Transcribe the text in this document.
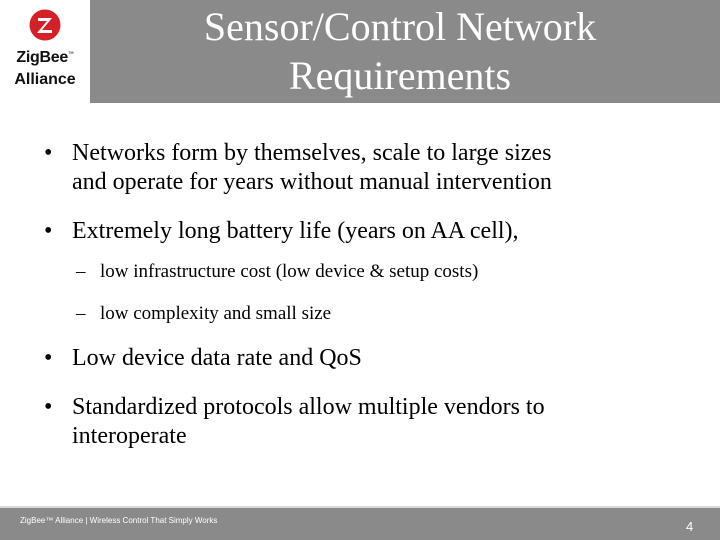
ZigBee™
Alliance
Sensor/Control Network
Requirements
• Networks form by themselves, scale to large sizes
and operate for years without manual intervention
• Extremely long battery life (years on AA cell),
– low infrastructure cost (low device & setup costs)
– low complexity and small size
• Low device data rate and QoS
• Standardized protocols allow multiple vendors to
interoperate
ZigBee™ Alliance | Wireless Control That Simply Works	4
